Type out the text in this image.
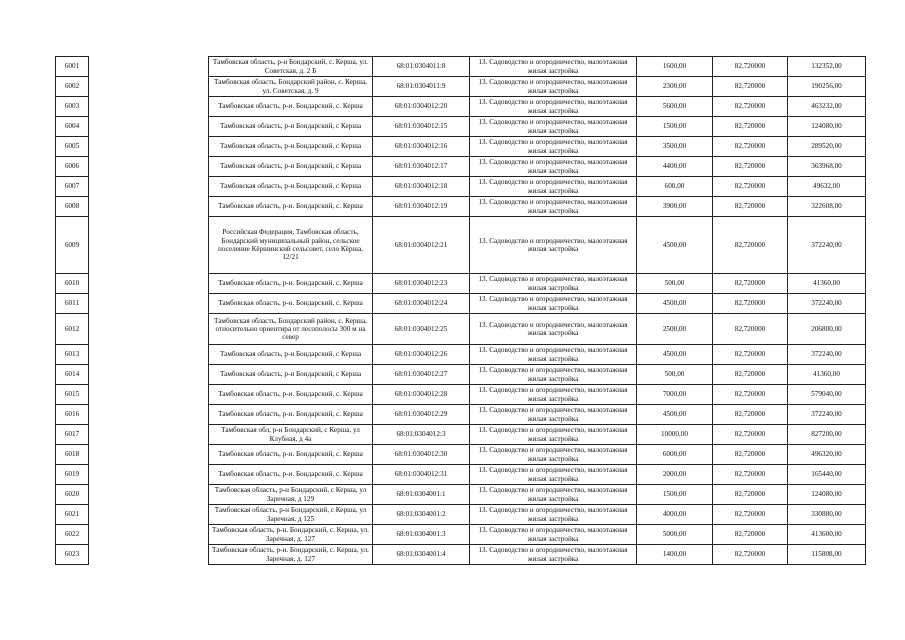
6001		Тамбовская область, р-н Бондарский, с. Керша, ул. Советская, д. 2 Б	68:01:0304011:8	13. Садоводство и огородничество, малоэтажная жилая застройка	1600,00	82,720000	132352,00
6002		Тамбовская область, Бондарский район, с. Керша, ул. Советская, д. 9	68:01:0304011:9	13. Садоводство и огородничество, малоэтажная жилая застройка	2300,00	82,720000	190256,00
6003		Тамбовская область, р-н. Бондарский, с. Керша	68:01:0304012:20	13. Садоводство и огородничество, малоэтажная жилая застройка	5600,00	82,720000	463232,00
6004		Тамбовская область, р-н Бондарский, с Керша	68:01:0304012:15	13. Садоводство и огородничество, малоэтажная жилая застройка	1500,00	82,720000	124080,00
6005		Тамбовская область, р-н Бондарский, с Керша	68:01:0304012:16	13. Садоводство и огородничество, малоэтажная жилая застройка	3500,00	82,720000	289520,00
6006		Тамбовская область, р-н Бондарский, с Керша	68:01:0304012:17	13. Садоводство и огородничество, малоэтажная жилая застройка	4400,00	82,720000	363968,00
6007		Тамбовская область, р-н Бондарский, с Керша	68:01:0304012:18	13. Садоводство и огородничество, малоэтажная жилая застройка	600,00	82,720000	49632,00
6008		Тамбовская область, р-н. Бондарский, с. Керша	68:01:0304012:19	13. Садоводство и огородничество, малоэтажная жилая застройка	3900,00	82,720000	322608,00
6009		Российская Федерация, Тамбовская область, Бондарский муниципальный район, сельское поселение Кёршинский сельсовет, село Кёрша, 12/21	68:01:0304012:21	13. Садоводство и огородничество, малоэтажная жилая застройка	4500,00	82,720000	372240,00
6010		Тамбовская область, р-н. Бондарский, с. Керша	68:01:0304012:23	13. Садоводство и огородничество, малоэтажная жилая застройка	500,00	82,720000	41360,00
6011		Тамбовская область, р-н. Бондарский, с. Керша	68:01:0304012:24	13. Садоводство и огородничество, малоэтажная жилая застройка	4500,00	82,720000	372240,00
6012		Тамбовская область, Бондарский район, с. Керша, относительно ориентира от лесополосы 300 м на север	68:01:0304012:25	13. Садоводство и огородничество, малоэтажная жилая застройка	2500,00	82,720000	206800,00
6013		Тамбовская область, р-н Бондарский, с Керша	68:01:0304012:26	13. Садоводство и огородничество, малоэтажная жилая застройка	4500,00	82,720000	372240,00
6014		Тамбовская область, р-н Бондарский, с Керша	68:01:0304012:27	13. Садоводство и огородничество, малоэтажная жилая застройка	500,00	82,720000	41360,00
6015		Тамбовская область, р-н. Бондарский, с. Керша	68:01:0304012:28	13. Садоводство и огородничество, малоэтажная жилая застройка	7000,00	82,720000	579040,00
6016		Тамбовская область, р-н. Бондарский, с. Керша	68:01:0304012:29	13. Садоводство и огородничество, малоэтажная жилая застройка	4500,00	82,720000	372240,00
6017		Тамбовская обл, р-н Бондарский, с Керша, ул Клубная, д 4а	68:01:0304012:3	13. Садоводство и огородничество, малоэтажная жилая застройка	10000,00	82,720000	827200,00
6018		Тамбовская область, р-н. Бондарский, с. Керша	68:01:0304012:30	13. Садоводство и огородничество, малоэтажная жилая застройка	6000,00	82,720000	496320,00
6019		Тамбовская область, р-н. Бондарский, с. Керша	68:01:0304012:31	13. Садоводство и огородничество, малоэтажная жилая застройка	2000,00	82,720000	165440,00
6020		Тамбовская область, р-н Бондарский, с Керша, ул Заречная, д 129	68:01:0304001:1	13. Садоводство и огородничество, малоэтажная жилая застройка	1500,00	82,720000	124080,00
6021		Тамбовская область, р-н Бондарский, с Керша, ул Заречная, д 125	68:01:0304001:2	13. Садоводство и огородничество, малоэтажная жилая застройка	4000,00	82,720000	330880,00
6022		Тамбовская область, р-н. Бондарский, с. Керша, ул. Заречная, д. 127	68:01:0304001:3	13. Садоводство и огородничество, малоэтажная жилая застройка	5000,00	82,720000	413600,00
6023		Тамбовская область, р-н. Бондарский, с. Керша, ул. Заречная, д. 127	68:01:0304001:4	13. Садоводство и огородничество, малоэтажная жилая застройка	1400,00	82,720000	115808,00
